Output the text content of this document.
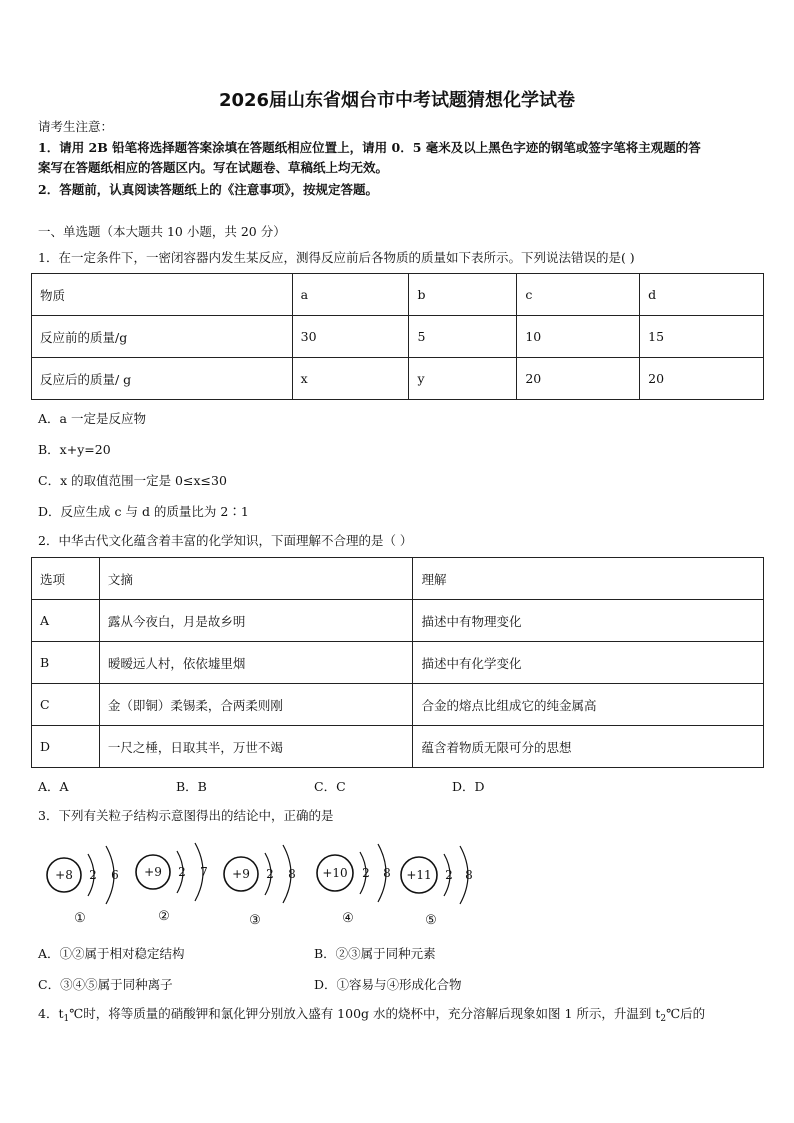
2026届山东省烟台市中考试题猜想化学试卷
请考生注意：
1．请用 2B 铅笔将选择题答案涂填在答题纸相应位置上，请用 0．5 毫米及以上黑色字迹的钢笔或签字笔将主观题的答
案写在答题纸相应的答题区内。写在试题卷、草稿纸上均无效。
2．答题前，认真阅读答题纸上的《注意事项》，按规定答题。
一、单选题（本大题共 10 小题，共 20 分）
1．在一定条件下，一密闭容器内发生某反应，测得反应前后各物质的质量如下表所示。下列说法错误的是( )
物质	a	b	c	d
反应前的质量/g	30	5	10	15
反应后的质量/ g	x	y	20	20
A．a 一定是反应物
B．x+y=20
C．x 的取值范围一定是 0≤x≤30
D．反应生成 c 与 d 的质量比为 2∶1
2．中华古代文化蕴含着丰富的化学知识，下面理解不合理的是（ ）
选项	文摘	理解
A	露从今夜白，月是故乡明	描述中有物理变化
B	暧暧远人村，依依墟里烟	描述中有化学变化
C	金（即铜）柔锡柔，合两柔则刚	合金的熔点比组成它的纯金属高
D	一尺之棰，日取其半，万世不竭	蕴含着物质无限可分的思想
A．A	B．B	C．C	D．D
3．下列有关粒子结构示意图得出的结论中，正确的是
+8 2 6
①
+9 2 7
②
+9 2 8
③
+10 2 8
④
+11 2 8
⑤
A．①②属于相对稳定结构	B．②③属于同种元素
C．③④⑤属于同种离子	D．①容易与④形成化合物
4．$t_1℃$时，将等质量的硝酸钾和氯化钾分别放入盛有 100g 水的烧杯中，充分溶解后现象如图 1 所示，升温到 $t_2℃$后的
